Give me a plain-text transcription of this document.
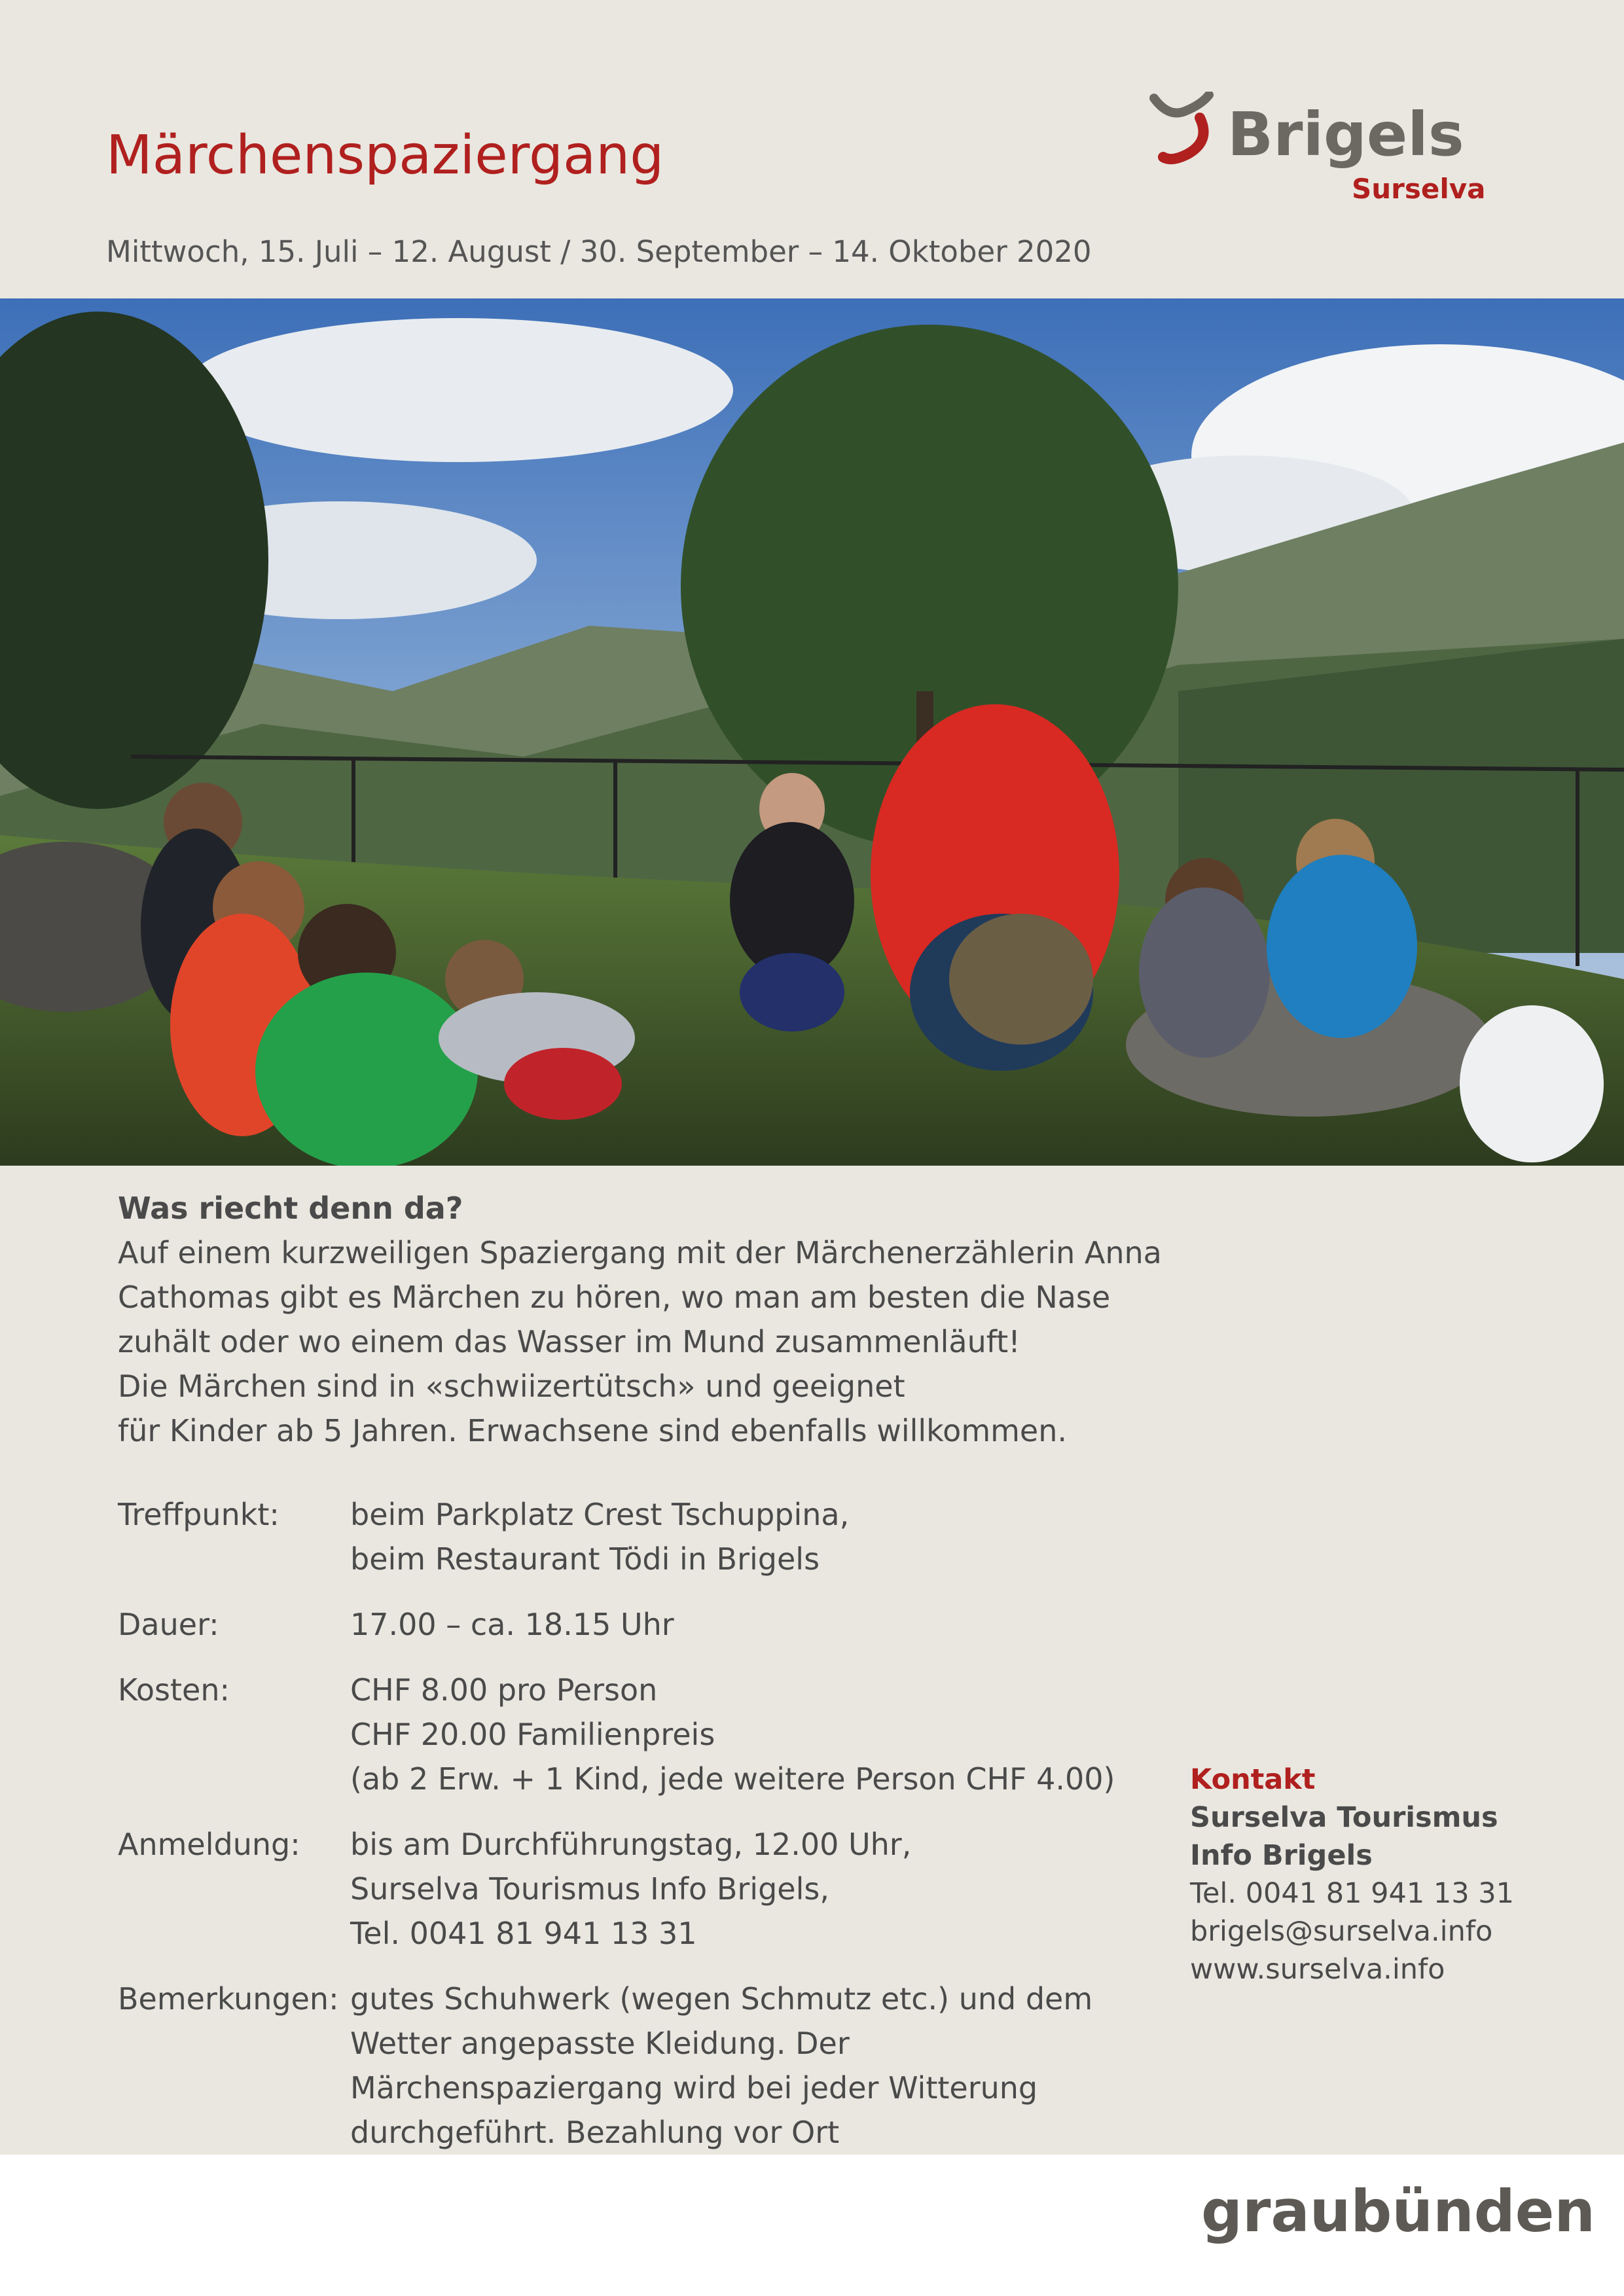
Märchenspaziergang
Mittwoch, 15. Juli – 12. August / 30. September – 14. Oktober 2020
Brigels
Surselva

Was riecht denn da?

Auf einem kurzweiligen Spaziergang mit der Märchenerzählerin Anna

Cathomas gibt es Märchen zu hören, wo man am besten die Nase

zuhält oder wo einem das Wasser im Mund zusammenläuft!

Die Märchen sind in «schwiizertütsch» und geeignet

für Kinder ab 5 Jahren. Erwachsene sind ebenfalls willkommen.

Treffpunkt:	beim Parkplatz Crest Tschuppina,
beim Restaurant Tödi in Brigels
Dauer:	17.00 – ca. 18.15 Uhr
Kosten:	CHF 8.00 pro Person
CHF 20.00 Familienpreis
(ab 2 Erw. + 1 Kind, jede weitere Person CHF 4.00)
Anmeldung:	bis am Durchführungstag, 12.00 Uhr,
Surselva Tourismus Info Brigels,
Tel. 0041 81 941 13 31
Bemerkungen: gutes Schuhwerk (wegen Schmutz etc.) und dem
Wetter angepasste Kleidung. Der
Märchenspaziergang wird bei jeder Witterung
durchgeführt. Bezahlung vor Ort
Kontakt
Surselva Tourismus
Info Brigels
Tel. 0041 81 941 13 31
brigels@surselva.info
www.surselva.info
graubünden
